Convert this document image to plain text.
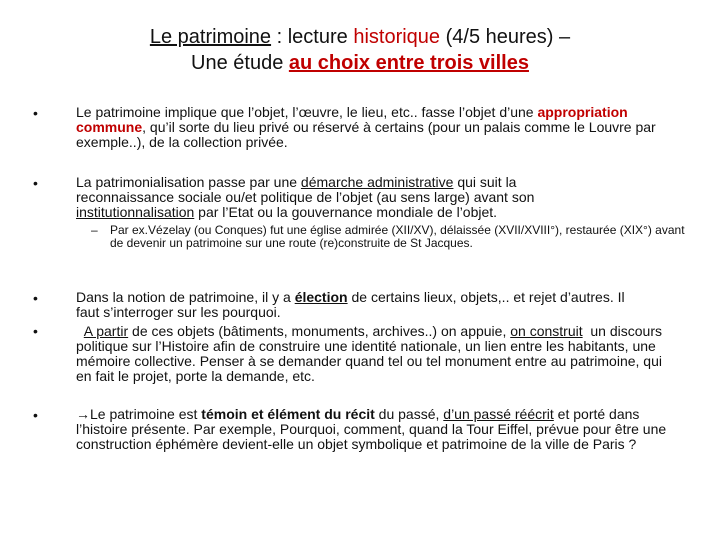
Le patrimoine : lecture historique (4/5 heures) –
Une étude au choix entre trois villes
•	Le patrimoine implique que l’objet, l’œuvre, le lieu, etc.. fasse l’objet d’une appropriation commune, qu’il sorte du lieu privé ou réservé à certains (pour un palais comme le Louvre par exemple..), de la collection privée.
•	La patrimonialisation passe par une démarche administrative qui suit la reconnaissance sociale ou/et politique de l’objet (au sens large) avant son institutionnalisation par l’Etat ou la gouvernance mondiale de l’objet.
– Par ex.Vézelay (ou Conques) fut une église admirée (XII/XV), délaissée (XVII/XVIII°), restaurée (XIX°) avant de devenir un patrimoine sur une route (re)construite de St Jacques.
•	Dans la notion de patrimoine, il y a élection de certains lieux, objets,.. et rejet d’autres. Il faut s’interroger sur les pourquoi.
•	A partir de ces objets (bâtiments, monuments, archives..) on appuie, on construit  un discours politique sur l’Histoire afin de construire une identité nationale, un lien entre les habitants, une mémoire collective. Penser à se demander quand tel ou tel monument entre au patrimoine, qui en fait le projet, porte la demande, etc.
•	→Le patrimoine est témoin et élément du récit du passé, d’un passé réécrit et porté dans l’histoire présente. Par exemple, Pourquoi, comment, quand la Tour Eiffel, prévue pour être une construction éphémère devient-elle un objet symbolique et patrimoine de la ville de Paris ?
